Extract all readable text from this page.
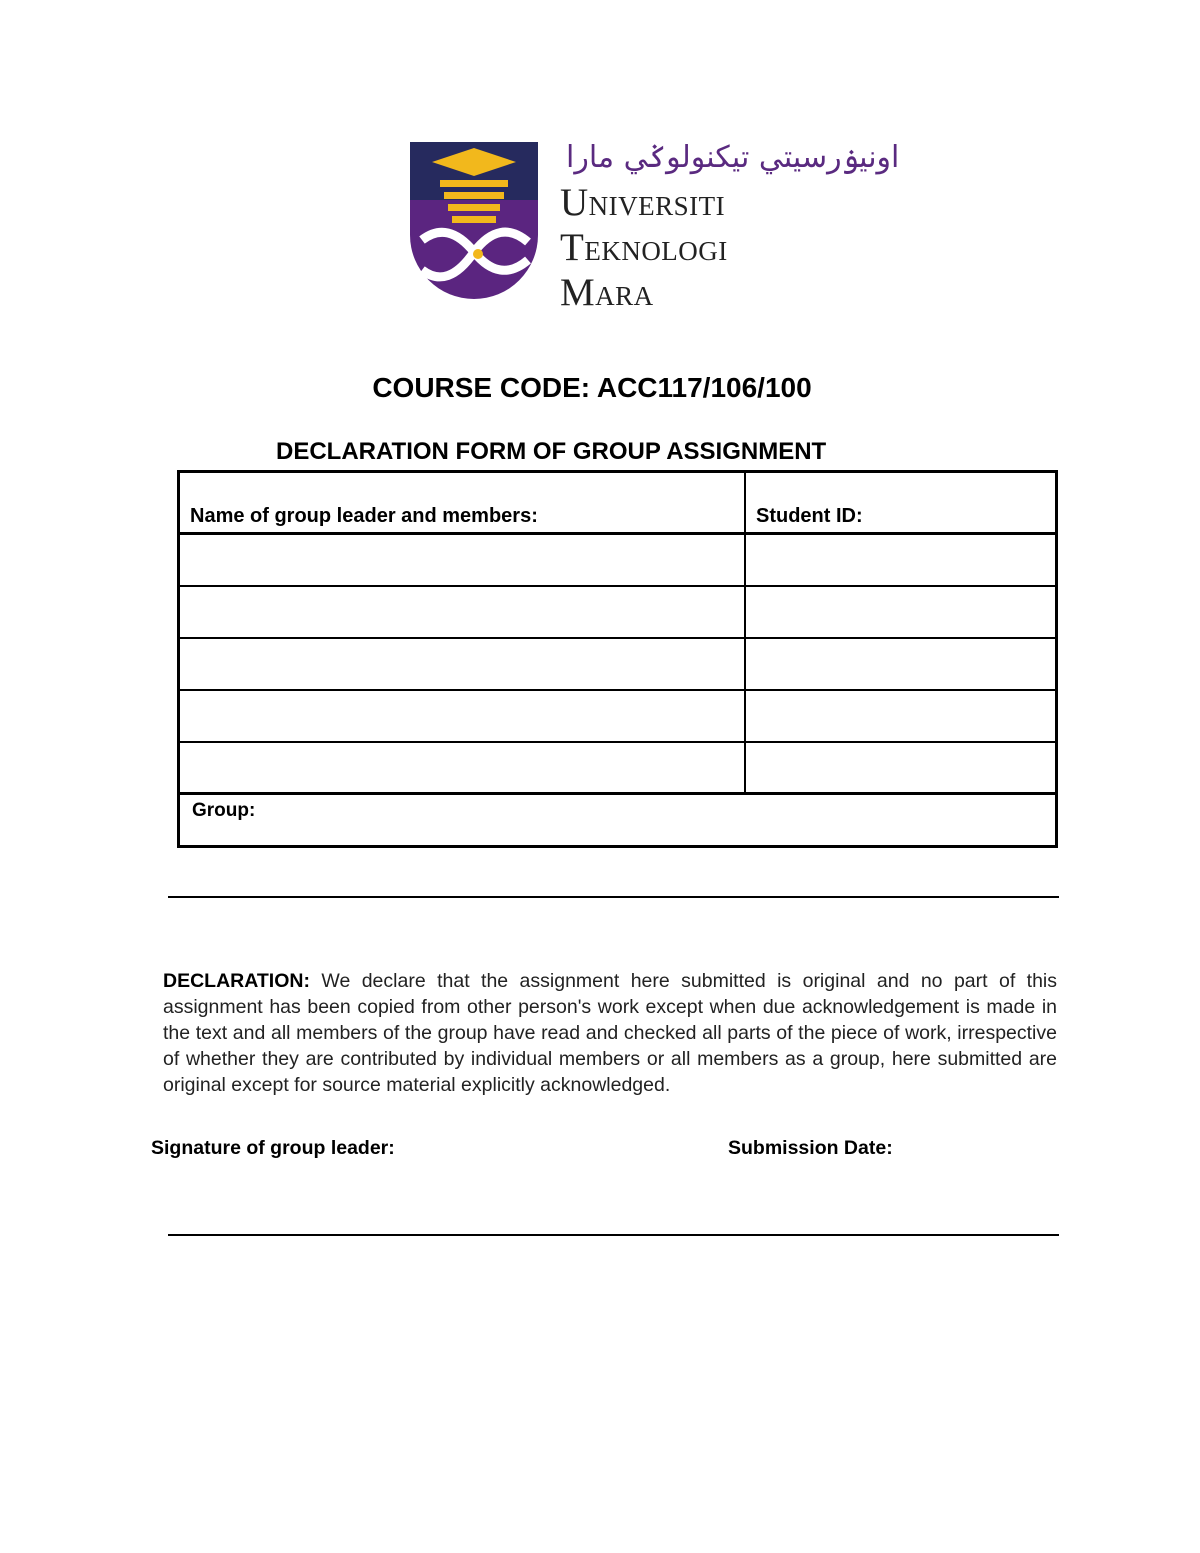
اونيۏرسيتي تيكنولوݢي مارا
Universiti
Teknologi
Mara
COURSE CODE: ACC117/106/100
DECLARATION FORM OF GROUP ASSIGNMENT
Name of group leader and members:	Student ID:
Group:
DECLARATION: We declare that the assignment here submitted is original and no part of this assignment has been copied from other person's work except when due acknowledgement is made in the text and all members of the group have read and checked all parts of the piece of work, irrespective of whether they are contributed by individual members or all members as a group, here submitted are original except for source material explicitly acknowledged.
Signature of group leader:	Submission Date:
